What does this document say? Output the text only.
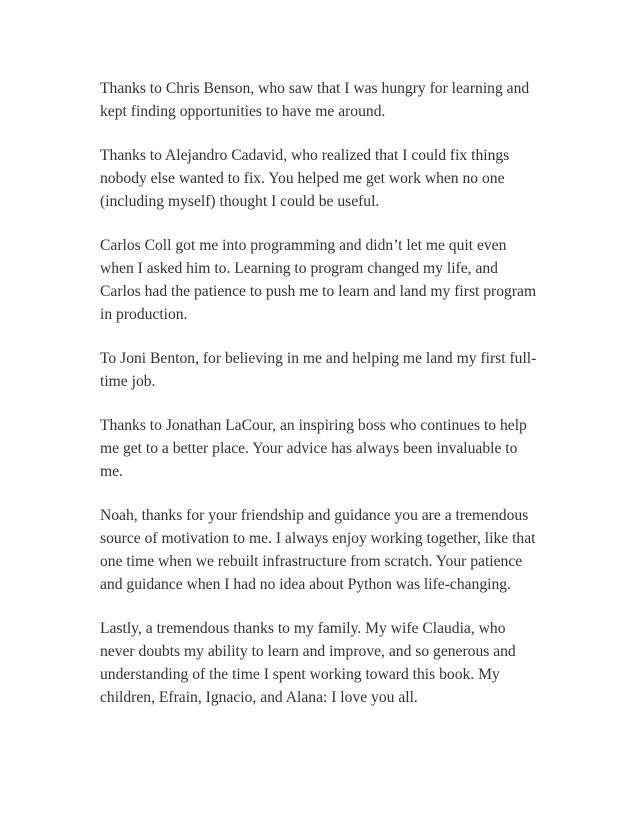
Thanks to Chris Benson, who saw that I was hungry for learning and
kept finding opportunities to have me around.

Thanks to Alejandro Cadavid, who realized that I could fix things
nobody else wanted to fix. You helped me get work when no one
(including myself) thought I could be useful.

Carlos Coll got me into programming and didn’t let me quit even
when I asked him to. Learning to program changed my life, and
Carlos had the patience to push me to learn and land my first program
in production.

To Joni Benton, for believing in me and helping me land my first full-
time job.

Thanks to Jonathan LaCour, an inspiring boss who continues to help
me get to a better place. Your advice has always been invaluable to
me.

Noah, thanks for your friendship and guidance you are a tremendous
source of motivation to me. I always enjoy working together, like that
one time when we rebuilt infrastructure from scratch. Your patience
and guidance when I had no idea about Python was life-changing.

Lastly, a tremendous thanks to my family. My wife Claudia, who
never doubts my ability to learn and improve, and so generous and
understanding of the time I spent working toward this book. My
children, Efrain, Ignacio, and Alana: I love you all.
